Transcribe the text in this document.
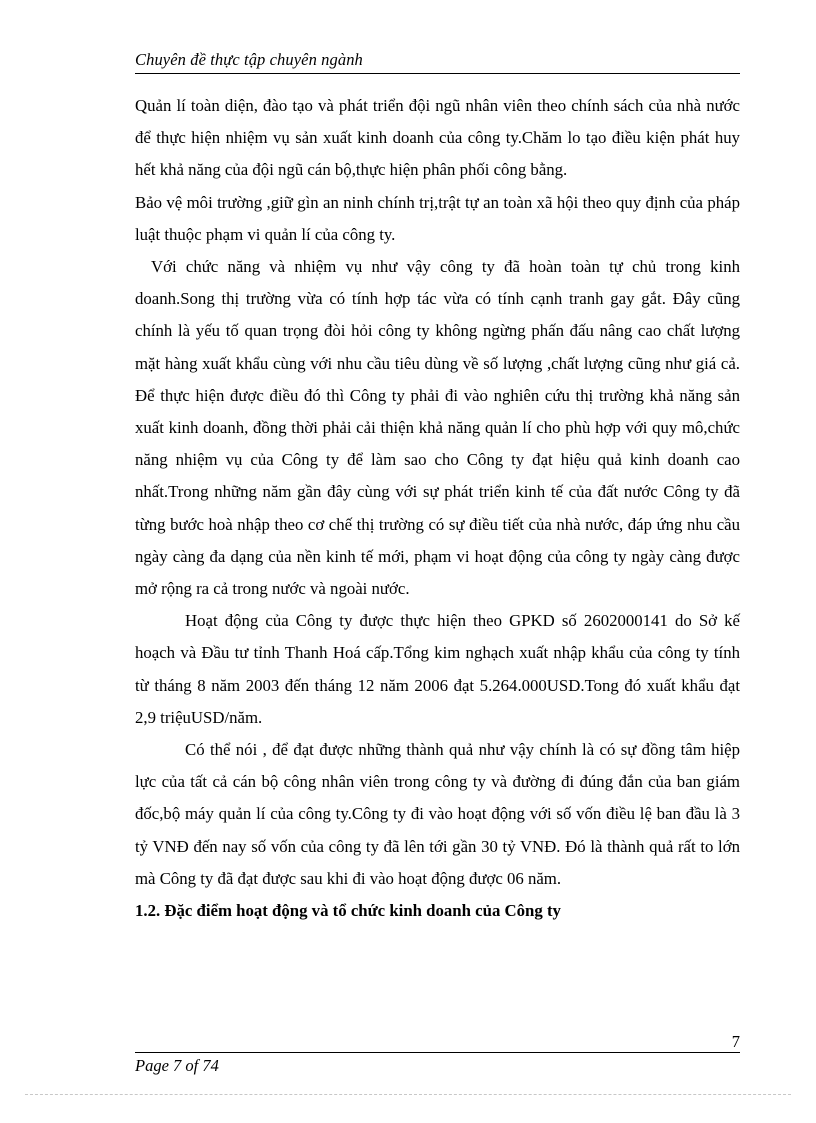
Chuyên đề thực tập chuyên ngành

Quản lí toàn diện, đào tạo và phát triển đội ngũ nhân viên theo chính sách của nhà nước để thực hiện nhiệm vụ sản xuất kinh doanh của công ty.Chăm lo tạo điều kiện phát huy hết khả năng của đội ngũ cán bộ,thực hiện phân phối công bằng.

Bảo vệ môi trường ,giữ gìn an ninh chính trị,trật tự an toàn xã hội theo quy định của pháp luật thuộc phạm vi quản lí của công ty.

Với chức năng và nhiệm vụ như vậy công ty đã hoàn toàn tự chủ trong kinh doanh.Song thị trường vừa có tính hợp tác vừa có tính cạnh tranh gay gắt. Đây cũng chính là yếu tố quan trọng đòi hỏi công ty không ngừng phấn đấu nâng cao chất lượng mặt hàng xuất khẩu cùng với nhu cầu tiêu dùng về số lượng ,chất lượng cũng như giá cả. Để thực hiện được điều đó thì Công ty phải đi vào nghiên cứu thị trường khả năng sản xuất kinh doanh, đồng thời phải cải thiện khả năng quản lí cho phù hợp với quy mô,chức năng nhiệm vụ của Công ty để làm sao cho Công ty đạt hiệu quả kinh doanh cao nhất.Trong những năm gần đây cùng với sự phát triển kinh tế của đất nước Công ty đã từng bước hoà nhập theo cơ chế thị trường có sự điều tiết của nhà nước, đáp ứng nhu cầu ngày càng đa dạng của nền kinh tế mới, phạm vi hoạt động của công ty ngày càng được mở rộng ra cả trong nước và ngoài nước.

Hoạt động của Công ty được thực hiện theo GPKD số 2602000141 do Sở kế hoạch và Đầu tư tỉnh Thanh Hoá cấp.Tổng kim nghạch xuất nhập khẩu của công ty tính từ tháng 8 năm 2003 đến tháng 12 năm 2006 đạt 5.264.000USD.Tong đó xuất khẩu đạt 2,9 triệuUSD/năm.

Có thể nói , để đạt được những thành quả như vậy chính là có sự đồng tâm hiệp lực của tất cả cán bộ công nhân viên trong công ty và đường đi đúng đắn của ban giám đốc,bộ máy quản lí của công ty.Công ty đi vào hoạt động với số vốn điều lệ ban đầu là 3 tỷ VNĐ đến nay số vốn của công ty đã lên tới gần 30 tỷ VNĐ. Đó là thành quả rất to lớn mà Công ty đã đạt được sau khi đi vào hoạt động được 06 năm.

1.2. Đặc điểm hoạt động và tổ chức kinh doanh của Công ty
7
Page 7 of 74
